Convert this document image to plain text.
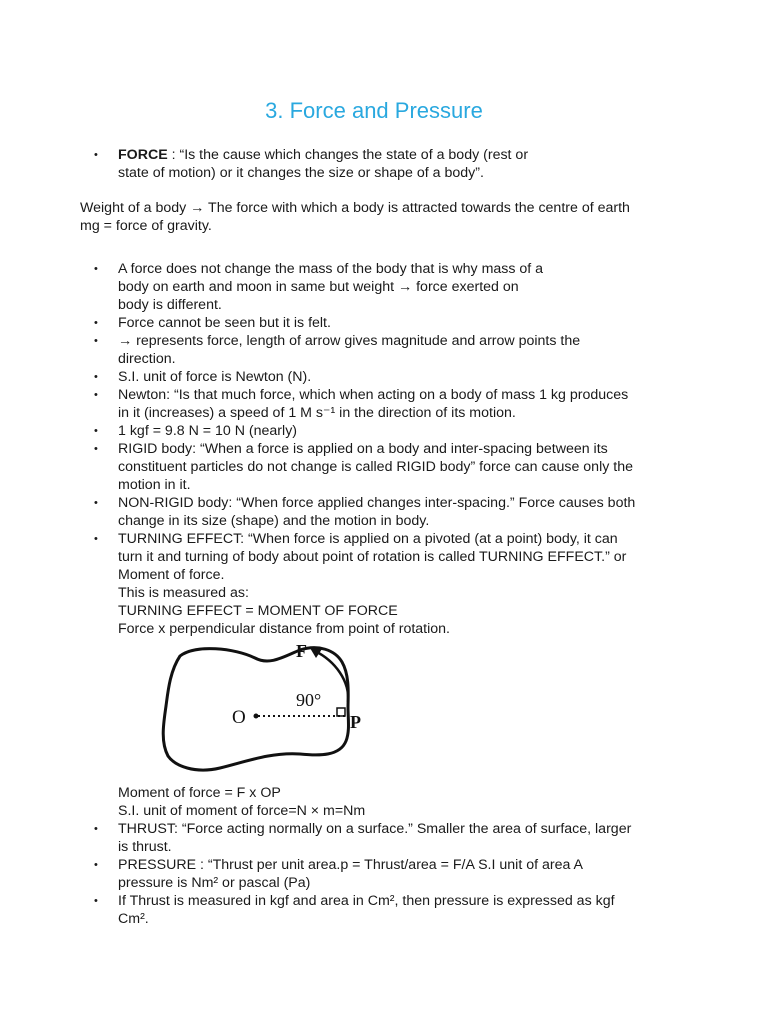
3. Force and Pressure
• FORCE : “Is the cause which changes the state of a body (rest or
state of motion) or it changes the size or shape of a body”.
Weight of a body → The force with which a body is attracted towards the centre of earth
mg = force of gravity.
• A force does not change the mass of the body that is why mass of a
body on earth and moon in same but weight → force exerted on
body is different.
• Force cannot be seen but it is felt.
• → represents force, length of arrow gives magnitude and arrow points the
direction.
• S.I. unit of force is Newton (N).
• Newton: “Is that much force, which when acting on a body of mass 1 kg produces
in it (increases) a speed of 1 M s⁻¹ in the direction of its motion.
• 1 kgf = 9.8 N = 10 N (nearly)
• RIGID body: “When a force is applied on a body and inter-spacing between its
constituent particles do not change is called RIGID body” force can cause only the
motion in it.
• NON-RIGID body: “When force applied changes inter-spacing.” Force causes both
change in its size (shape) and the motion in body.
• TURNING EFFECT: “When force is applied on a pivoted (at a point) body, it can
turn it and turning of body about point of rotation is called TURNING EFFECT.” or
Moment of force.
This is measured as:
TURNING EFFECT = MOMENT OF FORCE
Force x perpendicular distance from point of rotation.
F
90°
O	P
Moment of force = F x OP
S.I. unit of moment of force=N × m=Nm
• THRUST: “Force acting normally on a surface.” Smaller the area of surface, larger
is thrust.
• PRESSURE : “Thrust per unit area.p = Thrust/area = F/A S.I unit of area A
pressure is Nm² or pascal (Pa)
• If Thrust is measured in kgf and area in Cm², then pressure is expressed as kgf
Cm².
